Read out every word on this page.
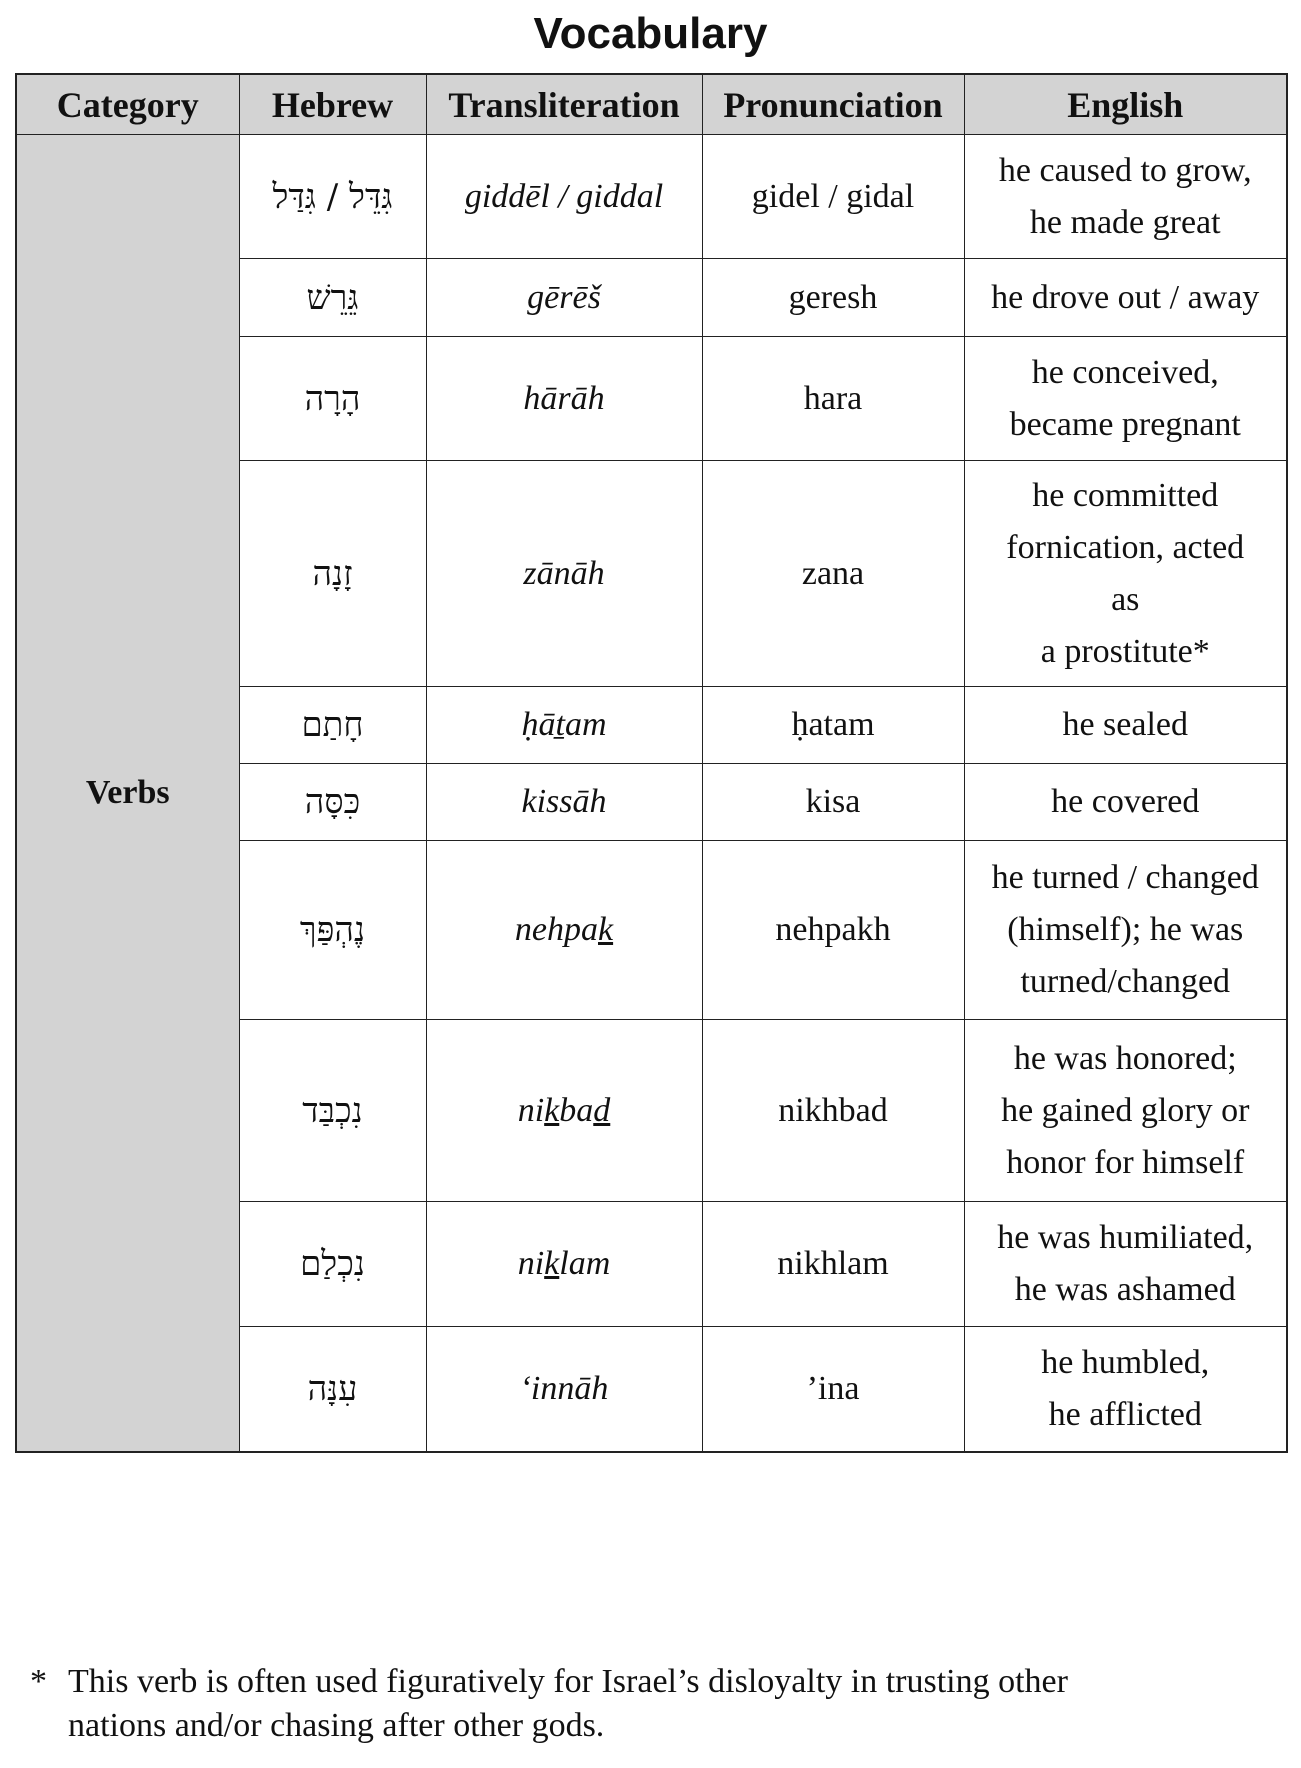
Vocabulary
Category	Hebrew	Transliteration	Pronunciation	English
Verbs	גִּדֵּל / גִּדַּל	giddēl / giddal	gidel / gidal	he caused to grow,
he made great

	גֵּרֵשׁ	gērēš	geresh	he drove out / away

	הָרָה	hārāh	hara	he conceived,
became pregnant

	זָנָה	zānāh	zana	he committed
fornication, acted
as
a prostitute*

	חָתַם	ḥāṯam	ḥatam	he sealed

	כִּסָּה	kissāh	kisa	he covered

	נֶהְפַּךְ	nehpak	nehpakh	he turned / changed
(himself); he was
turned/changed

	נִכְבַּד	nikbad	nikhbad	he was honored;
he gained glory or
honor for himself

	נִכְלַם	niklam	nikhlam	he was humiliated,
he was ashamed

	עִנָּה	‘innāh	’ina	he humbled,
he afflicted
* This verb is often used figuratively for Israel’s disloyalty in trusting other
nations and/or chasing after other gods.
